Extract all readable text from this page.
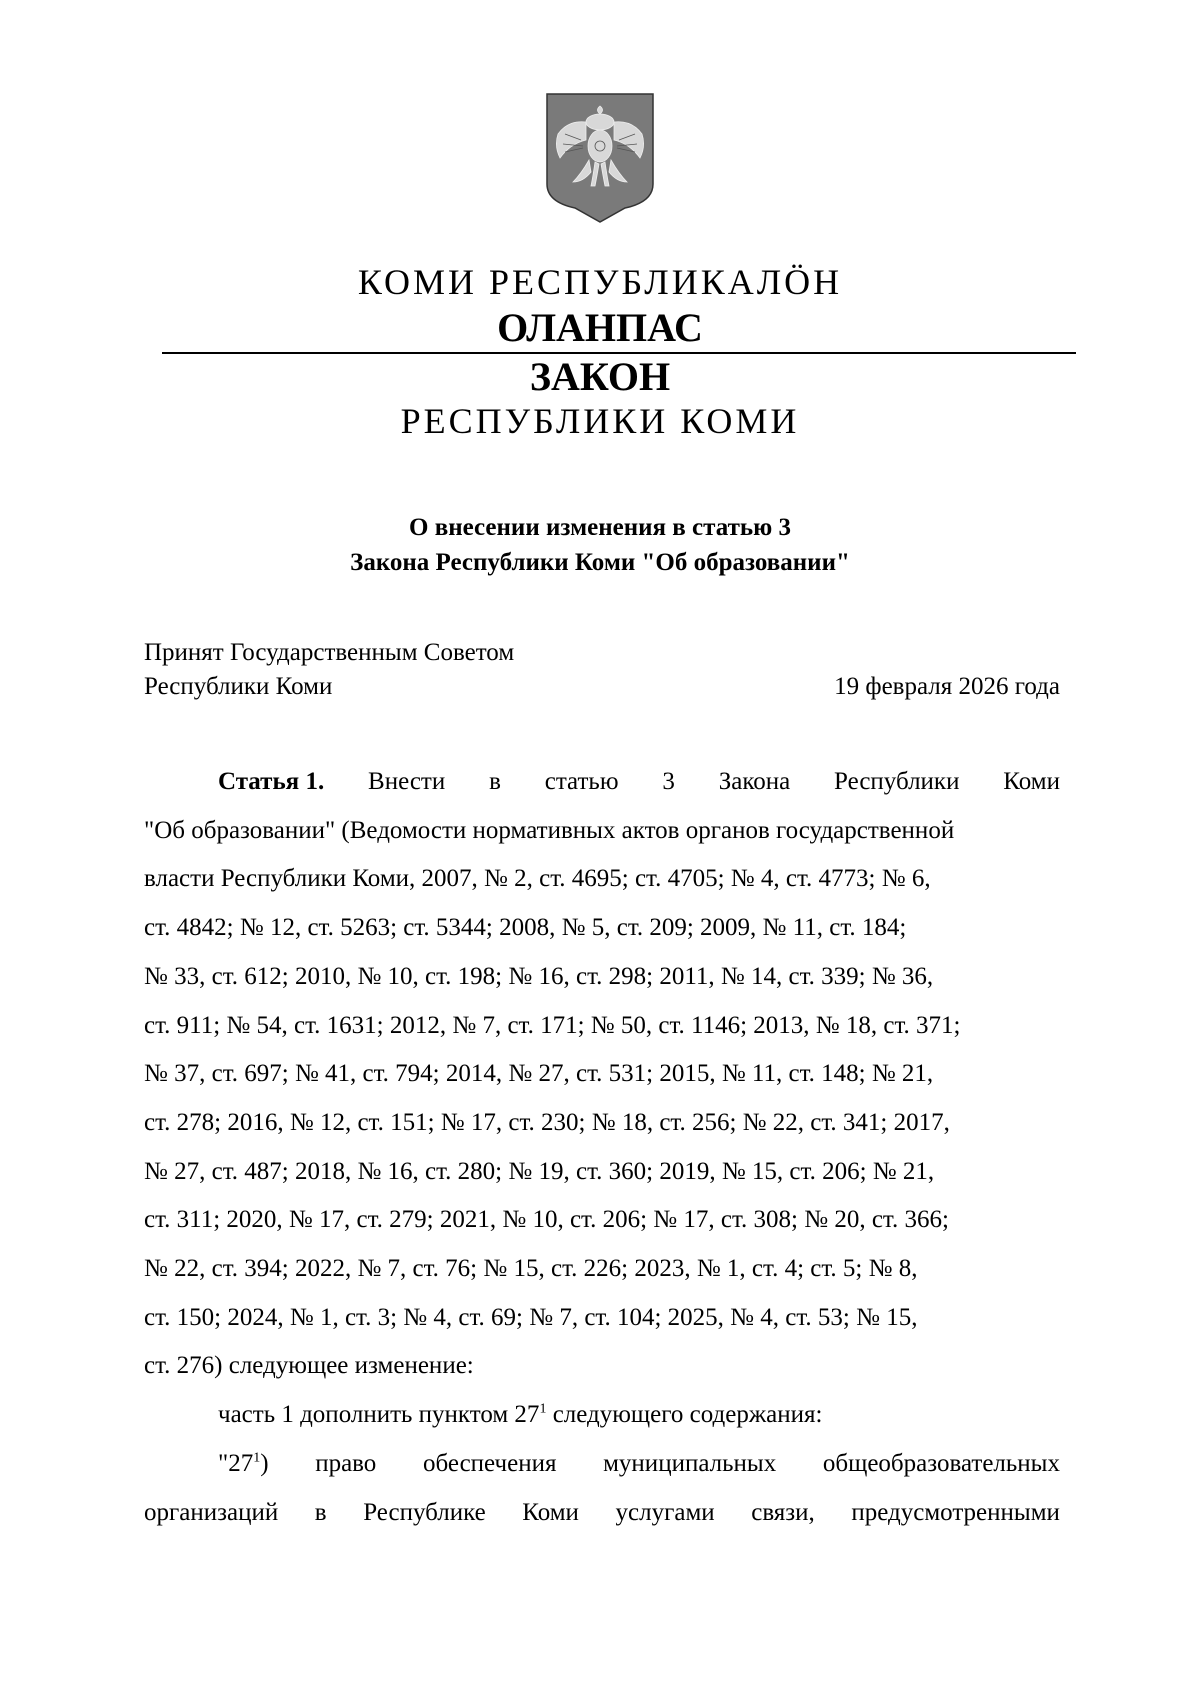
КОМИ РЕСПУБЛИКАЛӦН
ОЛАНПАС
ЗАКОН
РЕСПУБЛИКИ КОМИ
О внесении изменения в статью 3
Закона Республики Коми "Об образовании"
Принят Государственным Советом
Республики Коми	19 февраля 2026 года
Статья 1. Внести в статью 3 Закона Республики Коми
"Об образовании" (Ведомости нормативных актов органов государственной
власти Республики Коми, 2007, № 2, ст. 4695; ст. 4705; № 4, ст. 4773; № 6,
ст. 4842; № 12, ст. 5263; ст. 5344; 2008, № 5, ст. 209; 2009, № 11, ст. 184;
№ 33, ст. 612; 2010, № 10, ст. 198; № 16, ст. 298; 2011, № 14, ст. 339; № 36,
ст. 911; № 54, ст. 1631; 2012, № 7, ст. 171; № 50, ст. 1146; 2013, № 18, ст. 371;
№ 37, ст. 697; № 41, ст. 794; 2014, № 27, ст. 531; 2015, № 11, ст. 148; № 21,
ст. 278; 2016, № 12, ст. 151; № 17, ст. 230; № 18, ст. 256; № 22, ст. 341; 2017,
№ 27, ст. 487; 2018, № 16, ст. 280; № 19, ст. 360; 2019, № 15, ст. 206; № 21,
ст. 311; 2020, № 17, ст. 279; 2021, № 10, ст. 206; № 17, ст. 308; № 20, ст. 366;
№ 22, ст. 394; 2022, № 7, ст. 76; № 15, ст. 226; 2023, № 1, ст. 4; ст. 5; № 8,
ст. 150; 2024, № 1, ст. 3; № 4, ст. 69; № 7, ст. 104; 2025, № 4, ст. 53; № 15,
ст. 276) следующее изменение:
часть 1 дополнить пунктом $27^1$ следующего содержания:
"$27^1$) право обеспечения муниципальных общеобразовательных
организаций в Республике Коми услугами связи, предусмотренными
